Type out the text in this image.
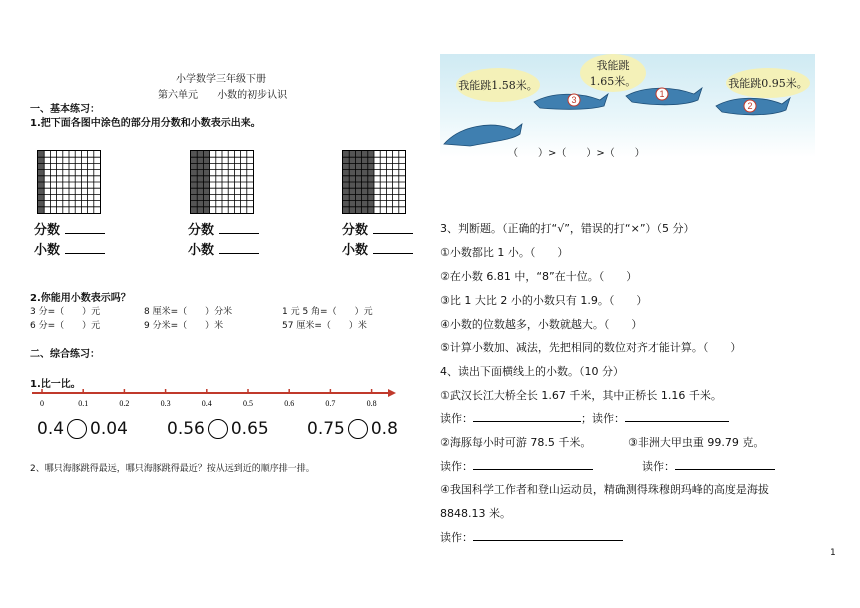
小学数学三年级下册
第六单元 小数的初步认识
一、基本练习：
1.把下面各图中涂色的部分用分数和小数表示出来。
分数
小数
分数
小数
分数
小数
2.你能用小数表示吗？
3 分=（　　）元	8 厘米=（　　）分米	1 元 5 角=（　　）元
6 分=（　　）元	9 分米=（　　）米	57 厘米=（　　）米
二、综合练习：
1.比一比。
0	0.1	0.2	0.3	0.4	0.5	0.6	0.7	0.8
0.4 0.04 0.56 0.65 0.75 0.8
2、哪只海豚跳得最远，哪只海豚跳得最近？按从远到近的顺序排一排。
我能跳1.58米。
我能跳
1.65米。	我能跳0.95米。
3
1
2
（　　）>（　　）>（　　）
3、判断题。（正确的打“√”，错误的打“×”）（5 分）
①小数都比 1 小。（　　）
②在小数 6.81 中，“8”在十位。（　　）
③比 1 大比 2 小的小数只有 1.9。（　　）
④小数的位数越多，小数就越大。（　　）
⑤计算小数加、减法，先把相同的数位对齐才能计算。（　　）
4、读出下面横线上的小数。（10 分）
①武汉长江大桥全长 1.67 千米，其中正桥长 1.16 千米。
读作：	；读作：
②海豚每小时可游 78.5 千米。	③非洲大甲虫重 99.79 克。
读作：	读作：
④我国科学工作者和登山运动员，精确测得珠穆朗玛峰的高度是海拔
8848.13 米。
读作：
1
